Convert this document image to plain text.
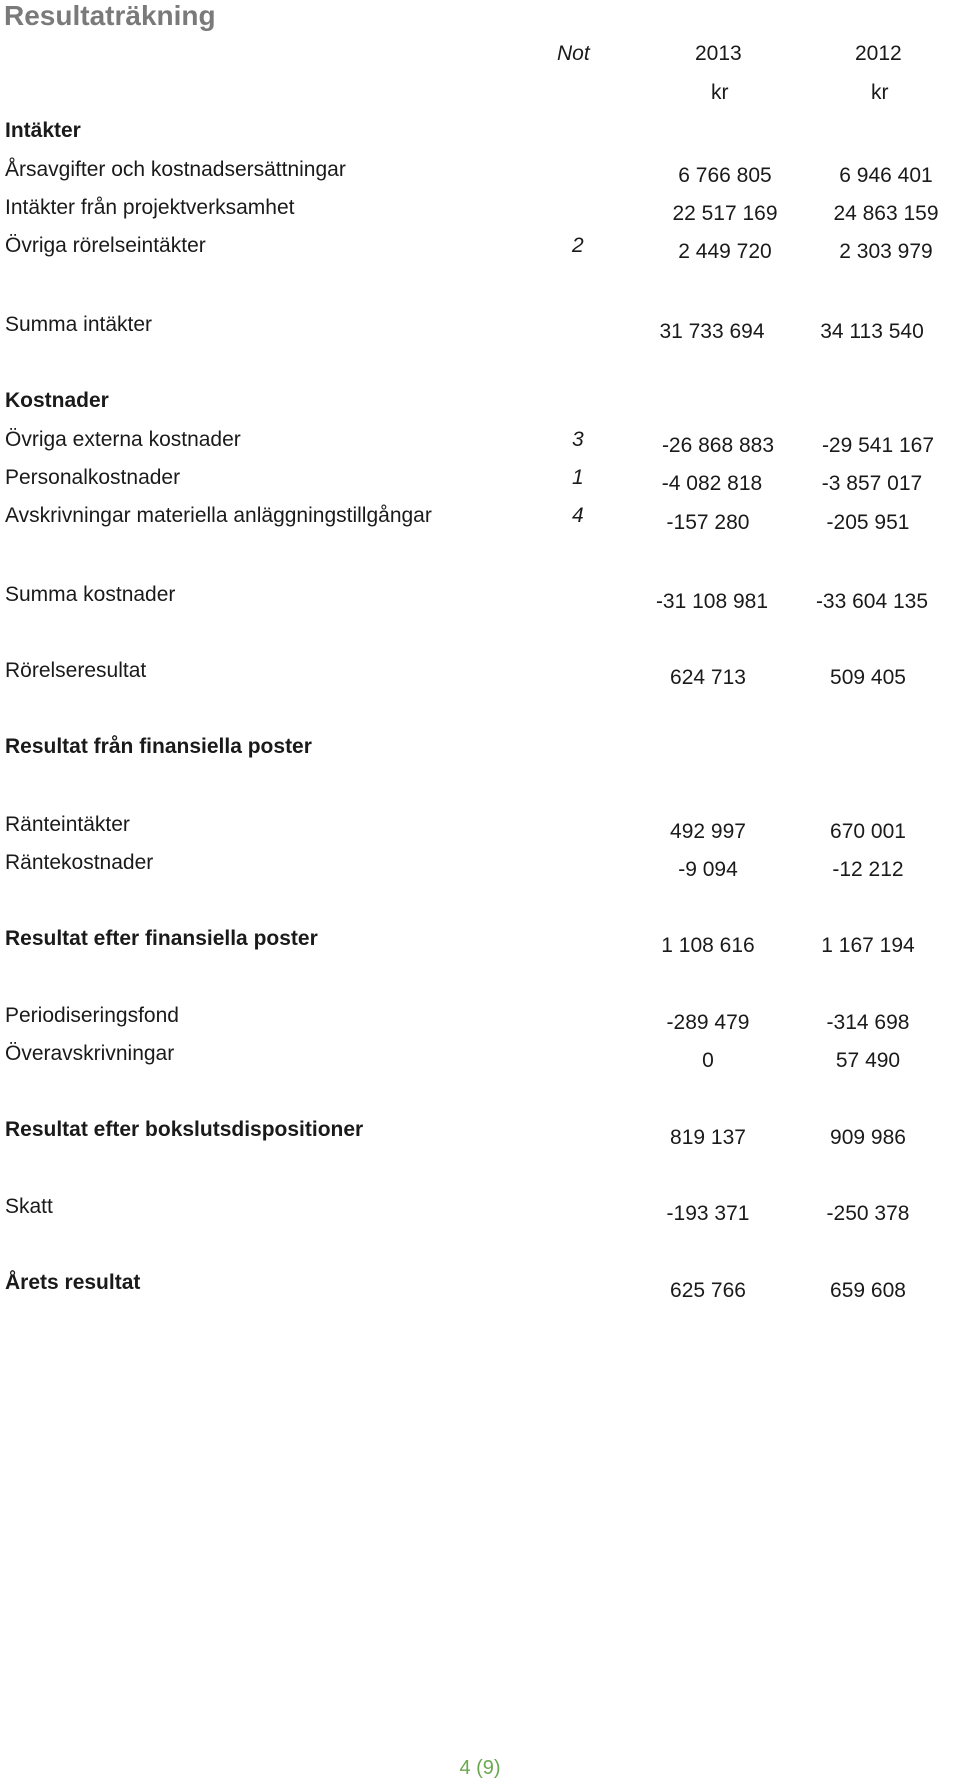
Resultaträkning
Not	2013	2012
kr	kr
Intäkter
Årsavgifter och kostnadsersättningar	6 766 805	6 946 401
Intäkter från projektverksamhet	22 517 169	24 863 159
Övriga rörelseintäkter	2	2 449 720	2 303 979
Summa intäkter	31 733 694	34 113 540
Kostnader
Övriga externa kostnader	3	-26 868 883	-29 541 167
Personalkostnader	1	-4 082 818	-3 857 017
Avskrivningar materiella anläggningstillgångar	4	-157 280	-205 951
Summa kostnader	-31 108 981	-33 604 135
Rörelseresultat	624 713	509 405
Resultat från finansiella poster
Ränteintäkter	492 997	670 001
Räntekostnader	-9 094	-12 212
Resultat efter finansiella poster	1 108 616	1 167 194
Periodiseringsfond	-289 479	-314 698
Överavskrivningar	0	57 490
Resultat efter bokslutsdispositioner	819 137	909 986
Skatt	-193 371	-250 378
Årets resultat	625 766	659 608
4 (9)
